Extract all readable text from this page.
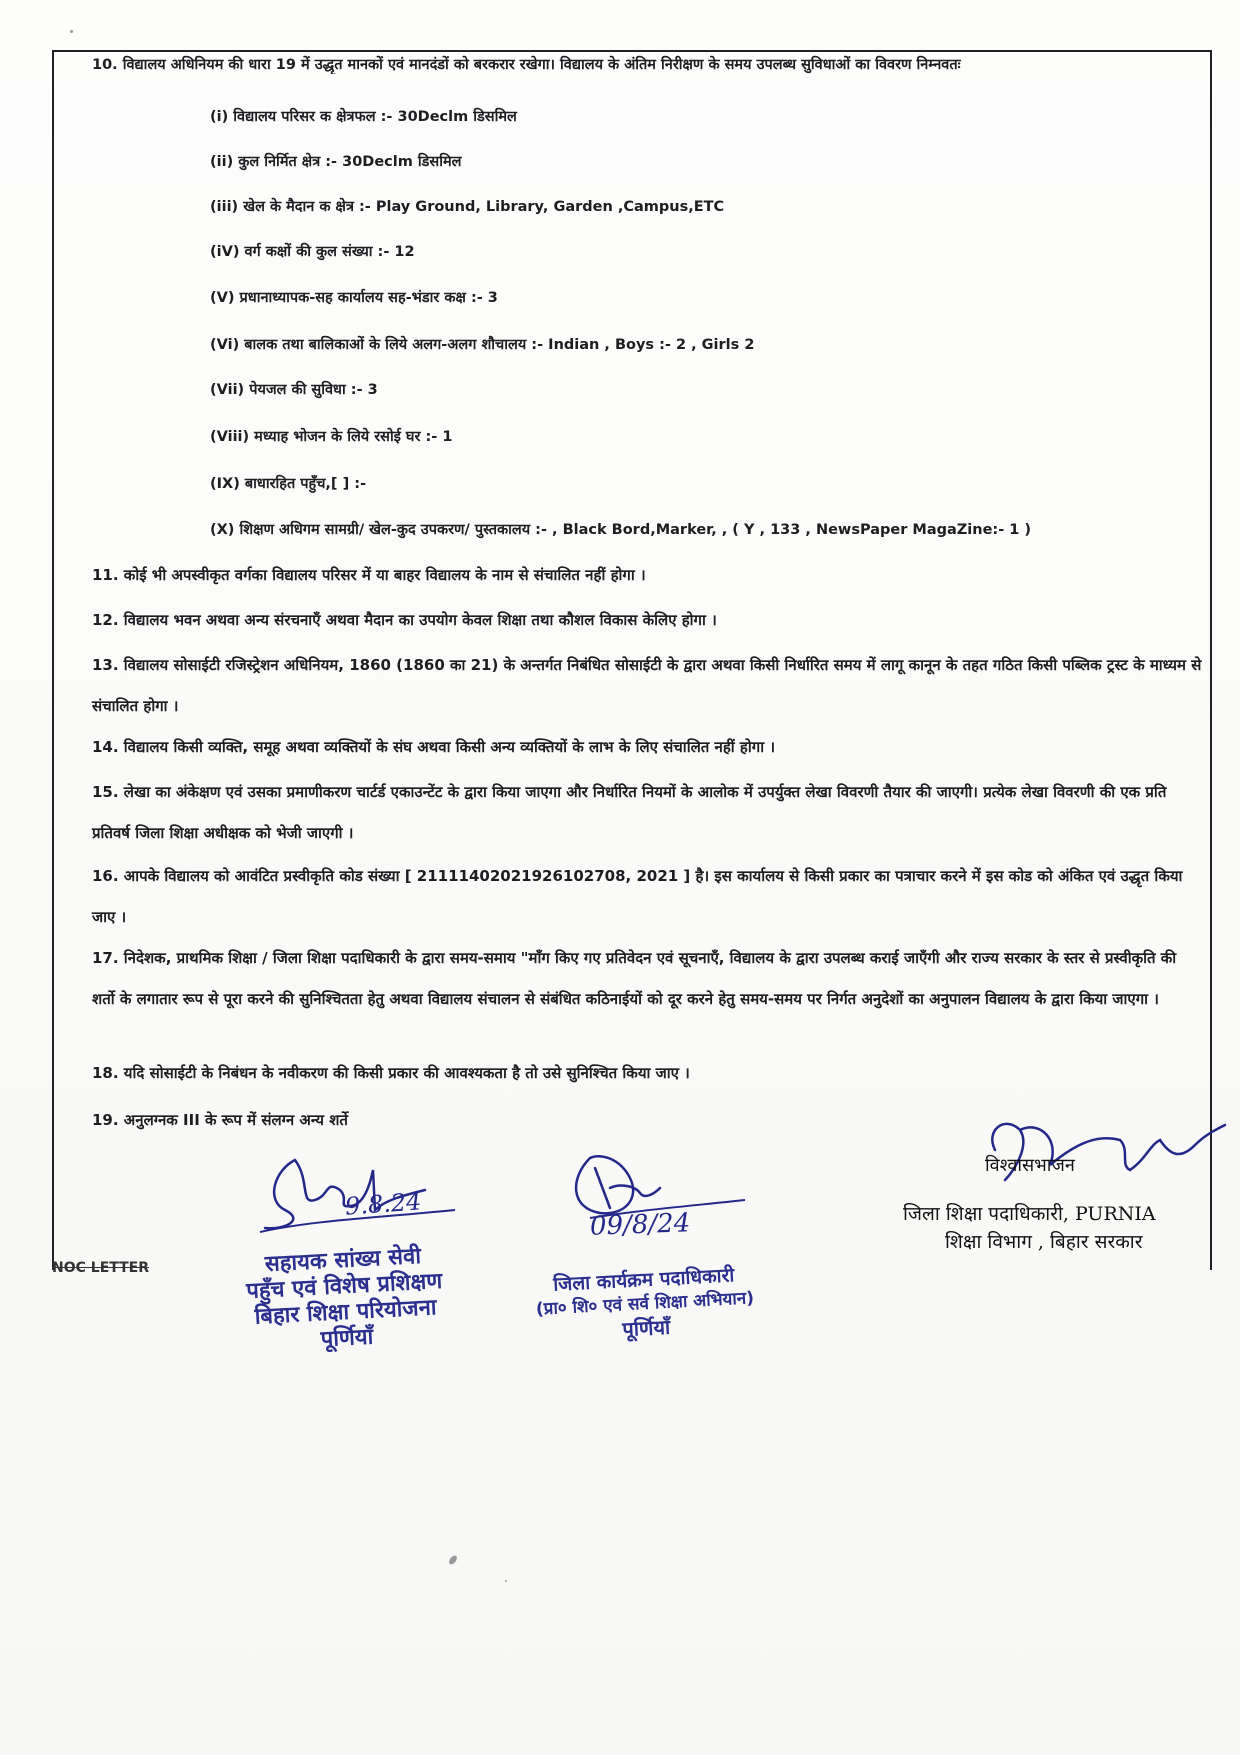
10. विद्यालय अधिनियम की धारा 19 में उद्धृत मानकों एवं मानदंडों को बरकरार रखेगा। विद्यालय के अंतिम निरीक्षण के समय उपलब्ध सुविधाओं का विवरण निम्नवतः
(i) विद्यालय परिसर क क्षेत्रफल :- 30Declm डिसमिल
(ii) कुल निर्मित क्षेत्र :- 30Declm डिसमिल
(iii) खेल के मैदान क क्षेत्र :- Play Ground, Library, Garden ,Campus,ETC
(iV) वर्ग कक्षों की कुल संख्या :- 12
(V) प्रधानाध्यापक-सह कार्यालय सह-भंडार कक्ष :- 3
(Vi) बालक तथा बालिकाओं के लिये अलग-अलग शौचालय :- Indian , Boys :- 2 , Girls 2
(Vii) पेयजल की सुविधा :- 3
(Viii) मध्याह भोजन के लिये रसोई घर :- 1
(IX) बाधारहित पहुँच,[ ] :-
(X) शिक्षण अधिगम सामग्री/ खेल-कुद उपकरण/ पुस्तकालय :- , Black Bord,Marker, , ( Y , 133 , NewsPaper MagaZine:- 1 )
11. कोई भी अपस्वीकृत वर्गका विद्यालय परिसर में या बाहर विद्यालय के नाम से संचालित नहीं होगा ।
12. विद्यालय भवन अथवा अन्य संरचनाएँ अथवा मैदान का उपयोग केवल शिक्षा तथा कौशल विकास केलिए होगा ।
13. विद्यालय सोसाईटी रजिस्ट्रेशन अधिनियम, 1860 (1860 का 21) के अन्तर्गत निबंधित सोसाईटी के द्वारा अथवा किसी निर्धारित समय में लागू कानून के तहत गठित किसी पब्लिक ट्रस्ट के माध्यम से संचालित होगा ।
14. विद्यालय किसी व्यक्ति, समूह अथवा व्यक्तियों के संघ अथवा किसी अन्य व्यक्तियों के लाभ के लिए संचालित नहीं होगा ।
15. लेखा का अंकेक्षण एवं उसका प्रमाणीकरण चार्टर्ड एकाउन्टेंट के द्वारा किया जाएगा और निर्धारित नियमों के आलोक में उपर्युक्त लेखा विवरणी तैयार की जाएगी। प्रत्येक लेखा विवरणी की एक प्रति प्रतिवर्ष जिला शिक्षा अधीक्षक को भेजी जाएगी ।
16. आपके विद्यालय को आवंटित प्रस्वीकृति कोड संख्या [ 21111402021926102708, 2021 ] है। इस कार्यालय से किसी प्रकार का पत्राचार करने में इस कोड को अंकित एवं उद्धृत किया जाए ।
17. निदेशक, प्राथमिक शिक्षा / जिला शिक्षा पदाधिकारी के द्वारा समय-समाय "माँग किए गए प्रतिवेदन एवं सूचनाएँ, विद्यालय के द्वारा उपलब्ध कराई जाएँगी और राज्य सरकार के स्तर से प्रस्वीकृति की शर्तो के लगातार रूप से पूरा करने की सुनिश्चितता हेतु अथवा विद्यालय संचालन से संबंधित कठिनाईयों को दूर करने हेतु समय-समय पर निर्गत अनुदेशों का अनुपालन विद्यालय के द्वारा किया जाएगा ।
18. यदि सोसाईटी के निबंधन के नवीकरण की किसी प्रकार की आवश्यकता है तो उसे सुनिश्चित किया जाए ।
19. अनुलग्नक III के रूप में संलग्न अन्य शर्ते
9.8.24
सहायक सांख्य सेवी
पहुँच एवं विशेष प्रशिक्षण
बिहार शिक्षा परियोजना
पूर्णियाँ
09/8/24
जिला कार्यक्रम पदाधिकारी
(प्रा० शि० एवं सर्व शिक्षा अभियान)
पूर्णियाँ
विश्वासभाजन
जिला शिक्षा पदाधिकारी, PURNIA
शिक्षा विभाग , बिहार सरकार
NOC LETTER
